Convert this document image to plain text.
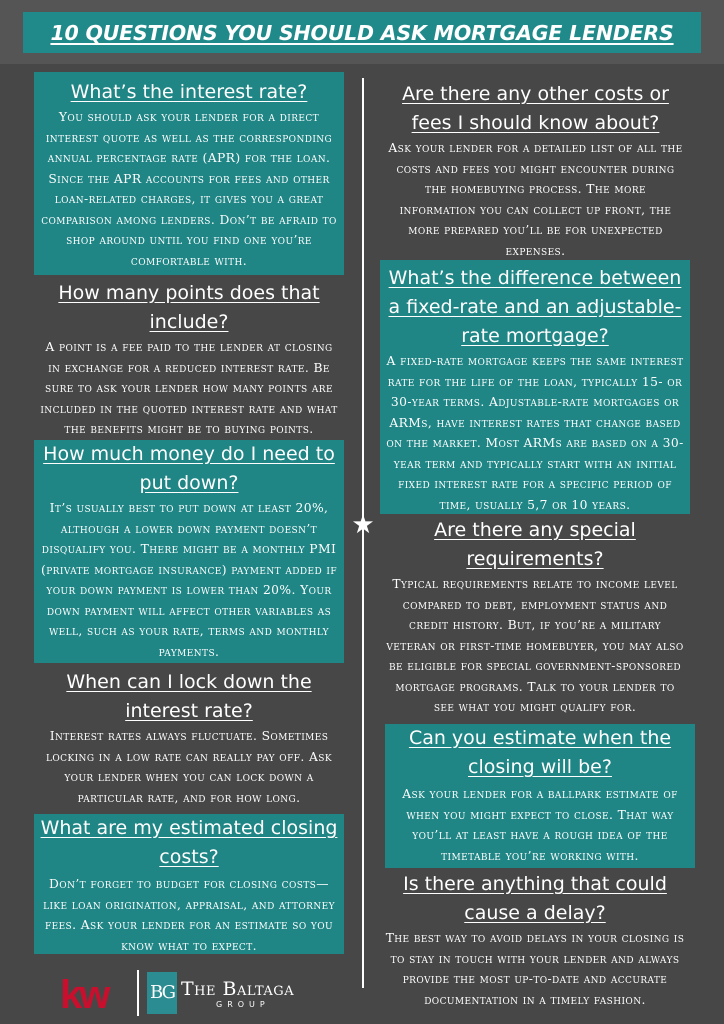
10 QUESTIONS YOU SHOULD ASK MORTGAGE LENDERS
★
What’s the interest rate?

You should ask your lender for a direct interest quote as well as the corresponding annual percentage rate (APR) for the loan. Since the APR accounts for fees and other loan-related charges, it gives you a great comparison among lenders. Don’t be afraid to shop around until you find one you’re comfortable with.

How many points does that include?

A point is a fee paid to the lender at closing in exchange for a reduced interest rate. Be sure to ask your lender how many points are included in the quoted interest rate and what the benefits might be to buying points.

How much money do I need to put down?

It’s usually best to put down at least 20%, although a lower down payment doesn’t disqualify you. There might be a monthly PMI (private mortgage insurance) payment added if your down payment is lower than 20%. Your down payment will affect other variables as well, such as your rate, terms and monthly payments.

When can I lock down the interest rate?

Interest rates always fluctuate. Sometimes locking in a low rate can really pay off. Ask your lender when you can lock down a particular rate, and for how long.

What are my estimated closing costs?

Don’t forget to budget for closing costs—like loan origination, appraisal, and attorney fees. Ask your lender for an estimate so you know what to expect.

Are there any other costs or fees I should know about?

Ask your lender for a detailed list of all the costs and fees you might encounter during the homebuying process. The more information you can collect up front, the more prepared you’ll be for unexpected expenses.

What’s the difference between a fixed-rate and an adjustable-rate mortgage?

A fixed-rate mortgage keeps the same interest rate for the life of the loan, typically 15- or 30-year terms. Adjustable-rate mortgages or ARMs, have interest rates that change based on the market. Most ARMs are based on a 30-year term and typically start with an initial fixed interest rate for a specific period of time, usually 5,7 or 10 years.

Are there any special requirements?

Typical requirements relate to income level compared to debt, employment status and credit history. But, if you’re a military veteran or first-time homebuyer, you may also be eligible for special government-sponsored mortgage programs. Talk to your lender to see what you might qualify for.

Can you estimate when the closing will be?

Ask your lender for a ballpark estimate of when you might expect to close. That way you’ll at least have a rough idea of the timetable you’re working with.

Is there anything that could cause a delay?

The best way to avoid delays in your closing is to stay in touch with your lender and always provide the most up-to-date and accurate documentation in a timely fashion.

kw BG The Baltaga
GROUP
